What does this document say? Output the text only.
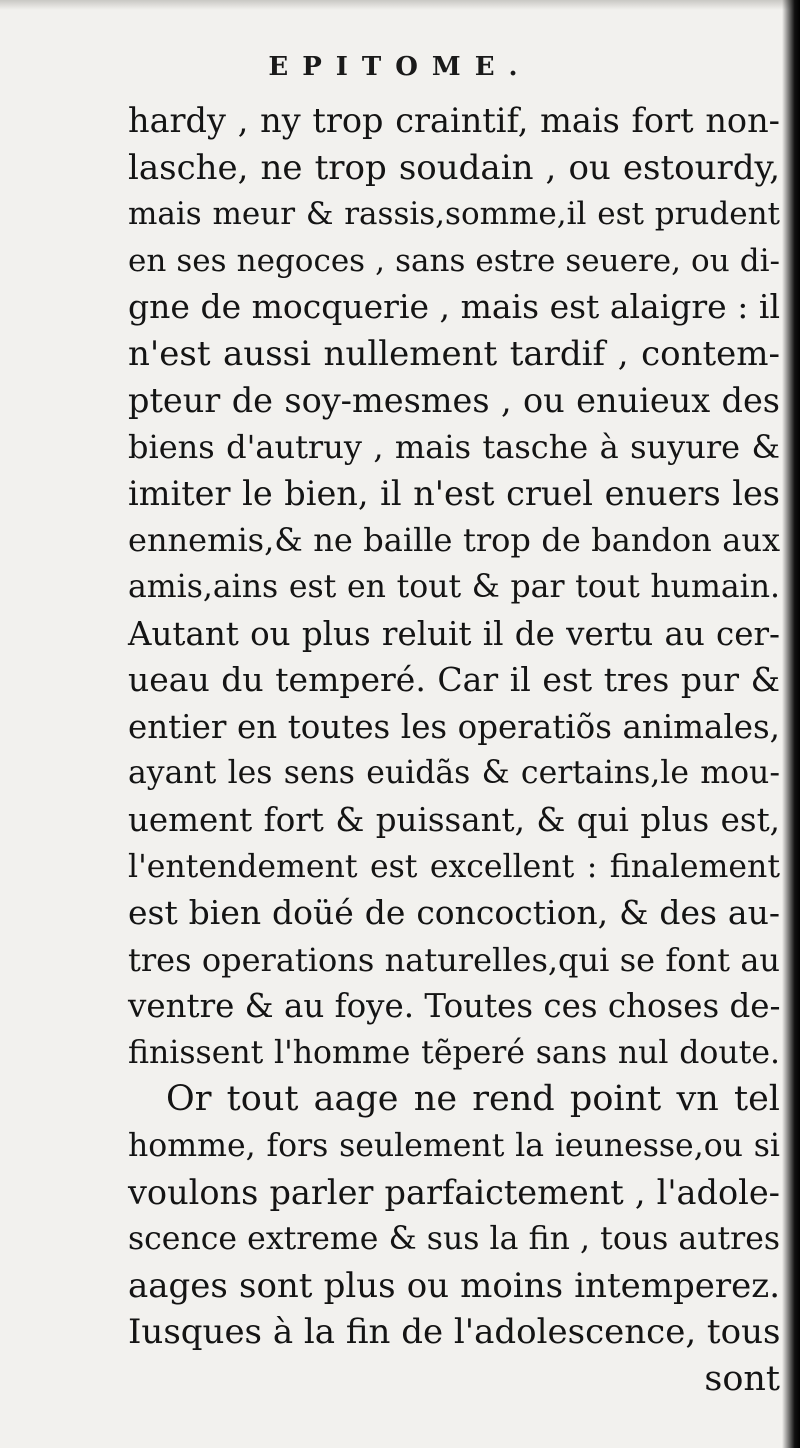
EPITOME.
hardy , ny trop craintif, mais fort non-
lasche, ne trop soudain , ou estourdy,
mais meur & rassis,somme,il est prudent
en ses negoces , sans estre seuere, ou di-
gne de mocquerie , mais est alaigre : il
n'est aussi nullement tardif , contem-
pteur de soy-mesmes , ou enuieux des
biens d'autruy , mais tasche à suyure &
imiter le bien, il n'est cruel enuers les
ennemis,& ne baille trop de bandon aux
amis,ains est en tout & par tout humain.
Autant ou plus reluit il de vertu au cer-
ueau du temperé. Car il est tres pur &
entier en toutes les operatiõs animales,
ayant les sens euidãs & certains,le mou-
uement fort & puissant, & qui plus est,
l'entendement est excellent : finalement
est bien doüé de concoction, & des au-
tres operations naturelles,qui se font au
ventre & au foye. Toutes ces choses de-
finissent l'homme tẽperé sans nul doute.
Or tout aage ne rend point vn tel
homme, fors seulement la ieunesse,ou si
voulons parler parfaictement , l'adole-
scence extreme & sus la fin , tous autres
aages sont plus ou moins intemperez.
Iusques à la fin de l'adolescence, tous
sont
